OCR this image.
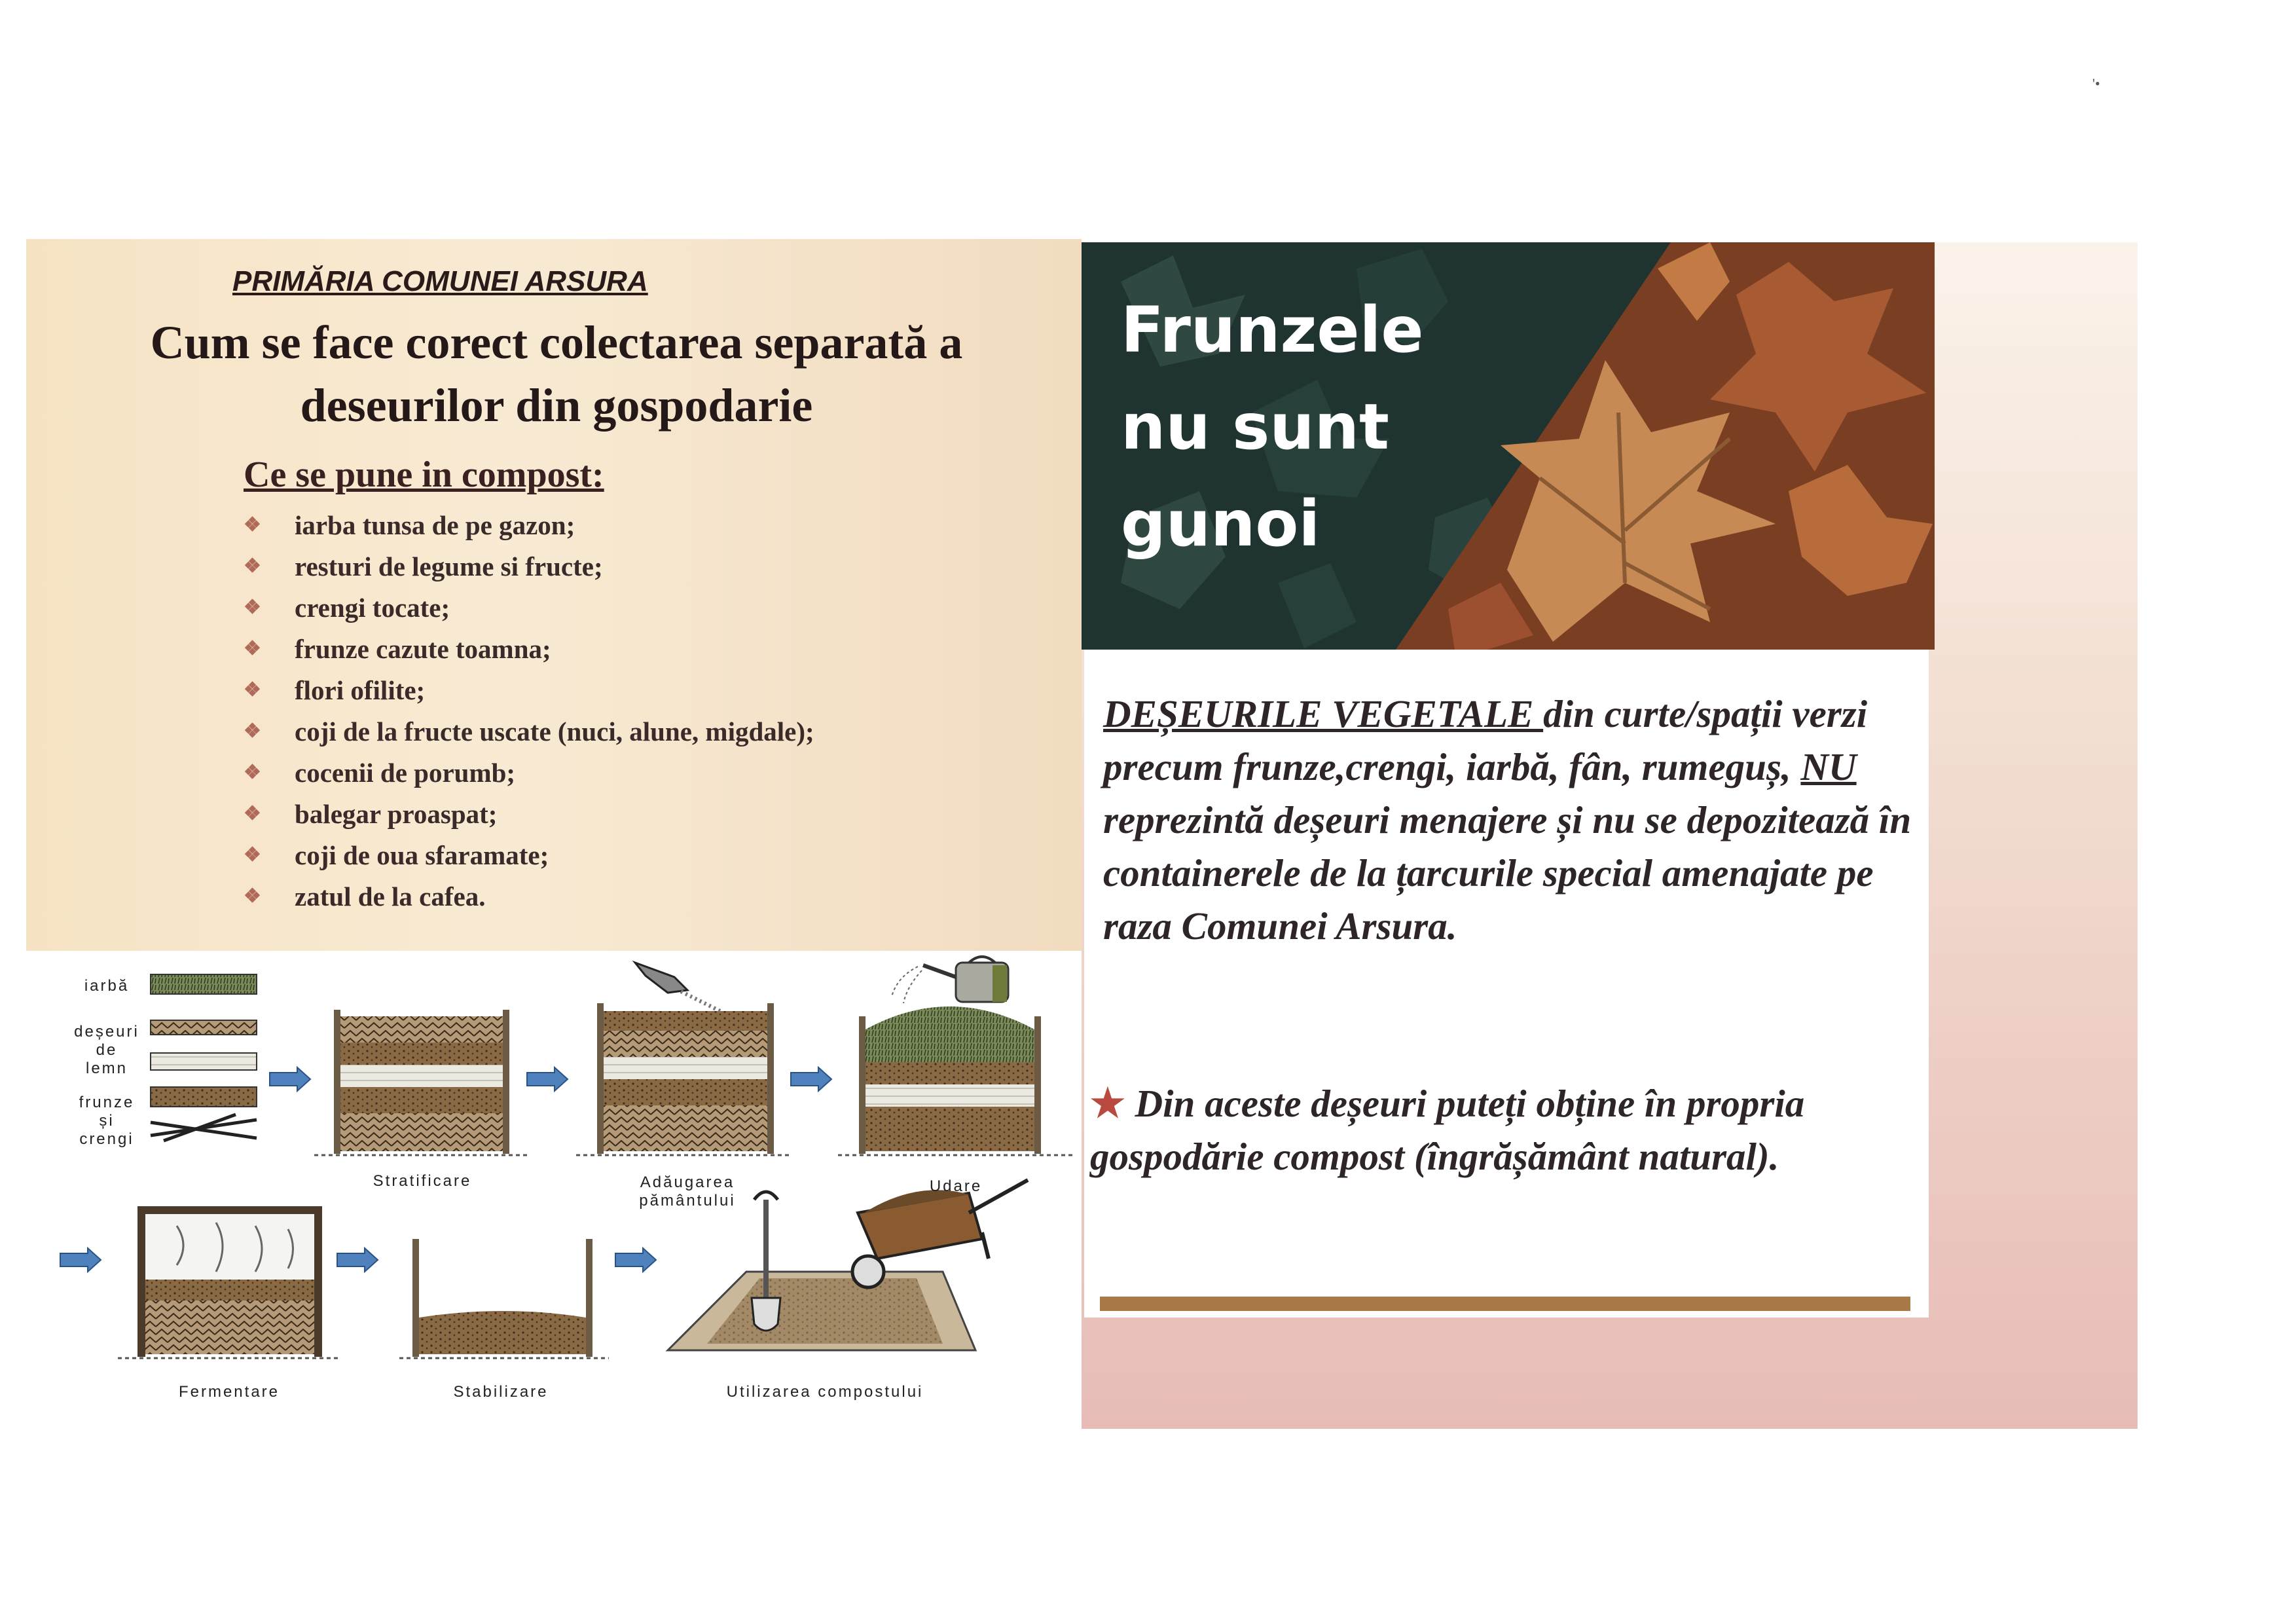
PRIMĂRIA COMUNEI ARSURA
Cum se face corect colectarea separată a
deseurilor din gospodarie
Ce se pune in compost:
❖	iarba tunsa de pe gazon;
❖	resturi de legume si fructe;
❖	crengi tocate;
❖	frunze cazute toamna;
❖	flori ofilite;
❖	coji de la fructe uscate (nuci, alune, migdale);
❖	cocenii de porumb;
❖	balegar proaspat;
❖	coji de oua sfaramate;
❖	zatul de la cafea.
iarbă
deșeuri
de
lemn
frunze
și
crengi
Stratificare	Adăugarea
pământului
Udare
Fermentare	Stabilizare	Utilizarea compostului
Frunzele
nu sunt
gunoi

DEȘEURILE VEGETALE din curte/spații verzi precum frunze,crengi, iarbă, fân, rumeguș, NU reprezintă deșeuri menajere și nu se depozitează în containerele de la țarcurile special amenajate pe raza Comunei Arsura.

★ Din aceste deșeuri puteți obține în propria gospodărie compost (îngrășământ natural).

'•
